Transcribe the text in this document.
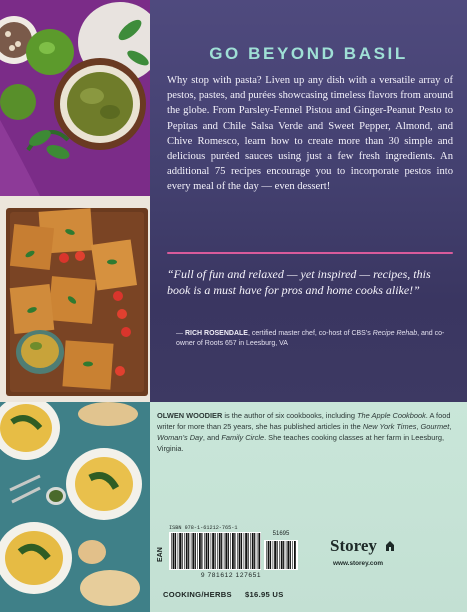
GO BEYOND BASIL

Why stop with pasta? Liven up any dish with a versatile array of pestos, pastes, and purées showcasing timeless flavors from around the globe. From Parsley-Fennel Pistou and Ginger-Peanut Pesto to Pepitas and Chile Salsa Verde and Sweet Pepper, Almond, and Chive Romesco, learn how to create more than 30 simple and delicious puréed sauces using just a few fresh ingredients. An additional 75 recipes encourage you to incorporate pestos into every meal of the day — even dessert!

“Full of fun and relaxed — yet inspired — recipes, this book is a must have for pros and home cooks alike!”

— RICH ROSENDALE, certified master chef, co-host of CBS’s Recipe Rehab, and co-owner of Roots 657 in Leesburg, VA

OLWEN WOODIER is the author of six cookbooks, including The Apple Cookbook. A food writer for more than 25 years, she has published articles in the New York Times, Gourmet, Woman’s Day, and Family Circle. She teaches cooking classes at her farm in Leesburg, Virginia.

ISBN 978-1-61212-765-1
EAN
51695
9 781612 127651
COOKING/HERBS $16.95 US
Storey
www.storey.com
